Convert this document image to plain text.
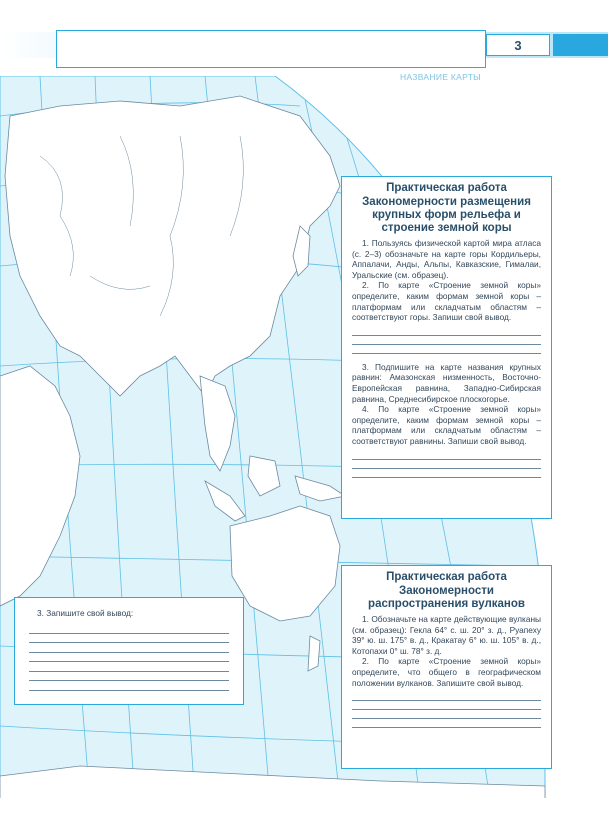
3
НАЗВАНИЕ КАРТЫ
Практическая работа
Закономерности размещения крупных форм рельефа и строение земной коры

1. Пользуясь физической картой мира атласа (с. 2–3) обозначьте на карте горы Кордильеры, Аппалачи, Анды, Альпы, Кавказские, Гималаи, Уральские (см. образец).

2. По карте «Строение земной коры» определите, каким формам земной коры – платформам или складчатым областям – соответствуют горы. Запиши свой вывод.

3. Подпишите на карте названия крупных равнин: Амазонская низменность, Восточно-Европейская равнина, Западно-Сибирская равнина, Среднесибирское плоскогорье.

4. По карте «Строение земной коры» определите, каким формам земной коры – платформам или складчатым областям – соответствуют равнины. Запиши свой вывод.

Практическая работа
Закономерности распространения вулканов

1. Обозначьте на карте действующие вулканы (см. образец): Гекла 64° с. ш. 20° з. д., Руапеху 39° ю. ш. 175° в. д., Кракатау 6° ю. ш. 105° в. д., Котопахи 0° ш. 78° з. д.

2. По карте «Строение земной коры» определите, что общего в географическом положении вулканов. Запишите свой вывод.

3. Запишите свой вывод:
